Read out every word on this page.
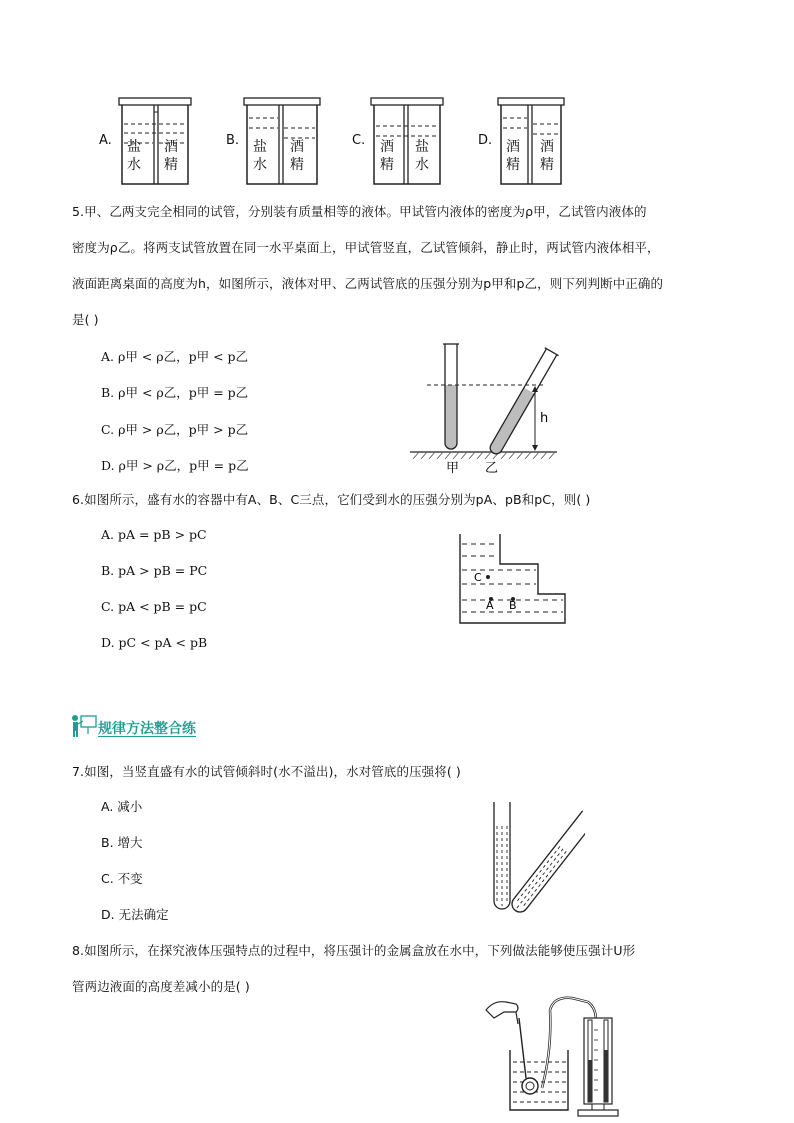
A. 盐水
酒精
B. 盐水
酒精
C. 酒精
盐水
D. 酒精
酒精
5.甲、乙两支完全相同的试管，分别装有质量相等的液体。甲试管内液体的密度为ρ甲，乙试管内液体的
密度为ρ乙。将两支试管放置在同一水平桌面上，甲试管竖直，乙试管倾斜，静止时，两试管内液体相平，
液面距离桌面的高度为h，如图所示，液体对甲、乙两试管底的压强分别为p甲和p乙，则下列判断中正确的
是( )
A. ρ甲 < ρ乙，p甲 < p乙
B. ρ甲 < ρ乙，p甲 = p乙
C. ρ甲 > ρ乙，p甲 > p乙
D. ρ甲 > ρ乙，p甲 = p乙
h
甲 乙
6.如图所示，盛有水的容器中有A、B、C三点，它们受到水的压强分别为pA、pB和pC，则( )
A. pA = pB > pC
B. pA > pB = PC
C. pA < pB = pC
D. pC < pA < pB
C
A B
规律方法整合练
7.如图，当竖直盛有水的试管倾斜时(水不溢出)，水对管底的压强将( )
A. 减小
B. 增大
C. 不变
D. 无法确定
8.如图所示，在探究液体压强特点的过程中，将压强计的金属盒放在水中，下列做法能够使压强计U形
管两边液面的高度差减小的是( )
